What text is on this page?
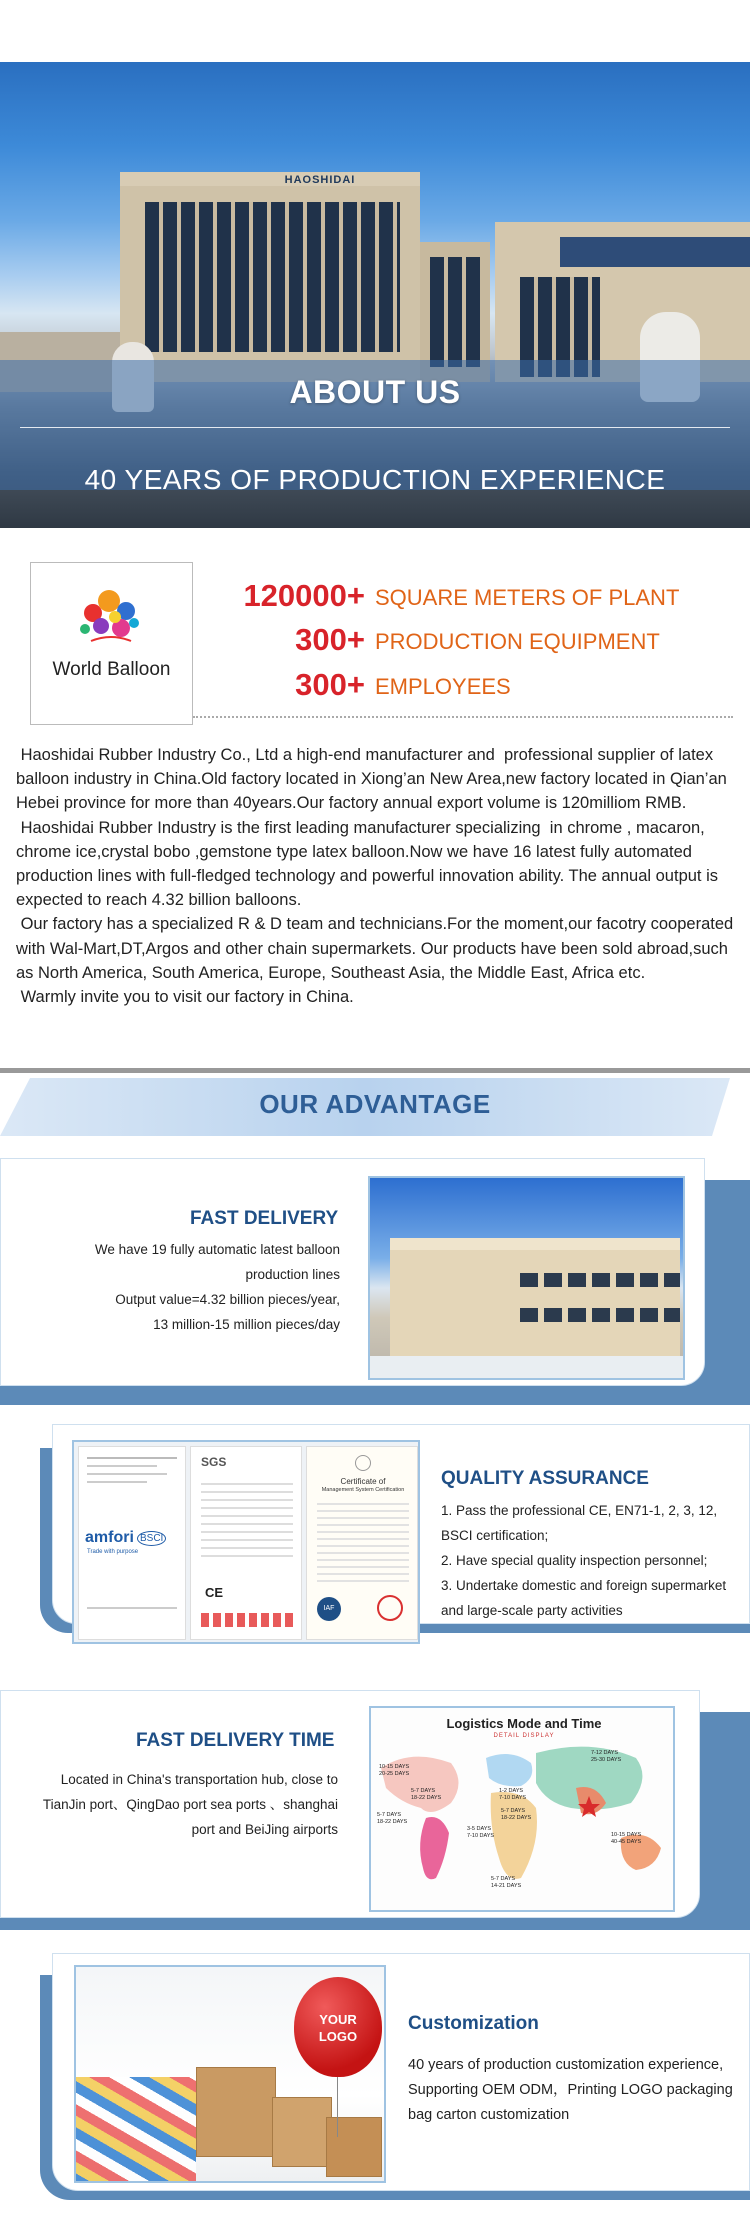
HAOSHIDAI
ABOUT US
40 YEARS OF PRODUCTION EXPERIENCE
World Balloon
120000+ SQUARE METERS OF PLANT
300+ PRODUCTION EQUIPMENT
300+ EMPLOYEES

Haoshidai Rubber Industry Co., Ltd a high-end manufacturer and  professional supplier of latex balloon industry in China.Old factory located in Xiong’an New Area,new factory located in Qian’an Hebei province for more than 40years.Our factory annual export volume is 120milliom RMB.

Haoshidai Rubber Industry is the first leading manufacturer specializing  in chrome , macaron, chrome ice,crystal bobo ,gemstone type latex balloon.Now we have 16 latest fully automated production lines with full-fledged technology and powerful innovation ability. The annual output is expected to reach 4.32 billion balloons.

Our factory has a specialized R & D team and technicians.For the moment,our facotry cooperated with Wal-Mart,DT,Argos and other chain supermarkets. Our products have been sold abroad,such as North America, South America, Europe, Southeast Asia, the Middle East, Africa etc.

Warmly invite you to visit our factory in China.

OUR ADVANTAGE
FAST DELIVERY
We have 19 fully automatic latest balloon
production lines
Output value=4.32 billion pieces/year,
13 million-15 million pieces/day
amfori BSCI
Trade with purpose
SGS
CE
Certificate of
Management System Certification
IAF
QUALITY ASSURANCE
1. Pass the professional CE, EN71-1, 2, 3, 12,
BSCI certification;
2. Have special quality inspection personnel;
3. Undertake domestic and foreign supermarket
and large-scale party activities
FAST DELIVERY TIME
Located in China's transportation hub, close to
TianJin port、QingDao port sea ports 、shanghai
port and BeiJing airports
Logistics Mode and Time
DETAIL DISPLAY
10-15 DAYS
20-25 DAYS
5-7 DAYS
18-22 DAYS
7-12 DAYS
25-30 DAYS
5-7 DAYS
18-22 DAYS
1-2 DAYS
7-10 DAYS
5-7 DAYS
18-22 DAYS
3-5 DAYS
7-10 DAYS	10-15 DAYS
40-45 DAYS
5-7 DAYS
14-21 DAYS
YOUR
LOGO
Customization
40 years of production customization experience,
Supporting OEM ODM，Printing LOGO packaging
bag carton customization
